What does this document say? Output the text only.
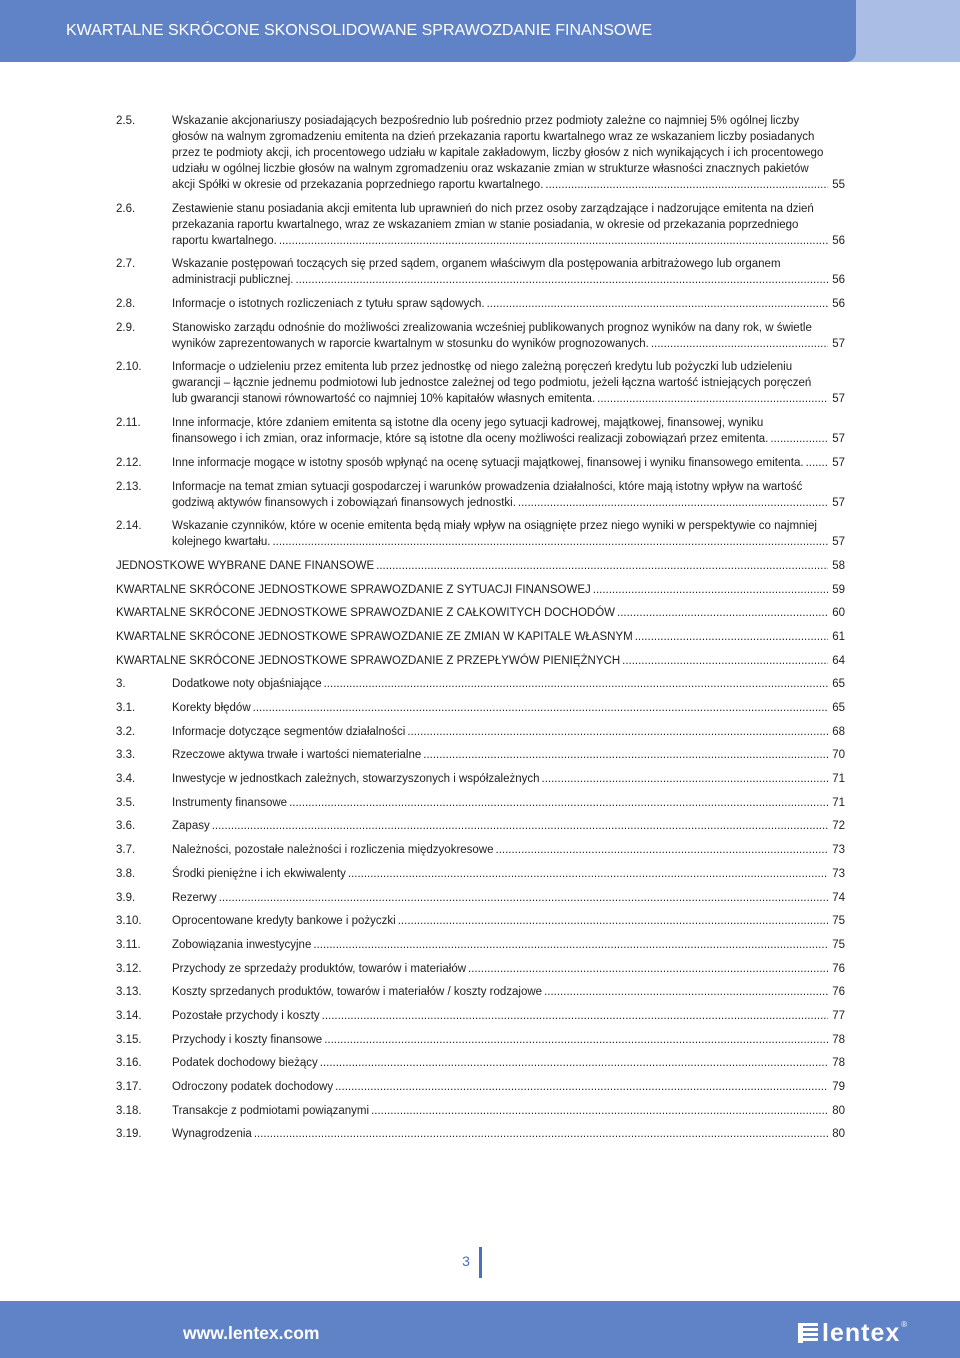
KWARTALNE SKRÓCONE SKONSOLIDOWANE SPRAWOZDANIE FINANSOWE
2.5.	Wskazanie akcjonariuszy posiadających bezpośrednio lub pośrednio przez podmioty zależne co najmniej 5% ogólnej liczby
głosów na walnym zgromadzeniu emitenta na dzień przekazania raportu kwartalnego wraz ze wskazaniem liczby posiadanych
przez te podmioty akcji, ich procentowego udziału w kapitale zakładowym, liczby głosów z nich wynikających i ich procentowego
udziału w ogólnej liczbie głosów na walnym zgromadzeniu oraz wskazanie zmian w strukturze własności znacznych pakietów
akcji Spółki w okresie od przekazania poprzedniego raportu kwartalnego. .....	55
2.6.	Zestawienie stanu posiadania akcji emitenta lub uprawnień do nich przez osoby zarządzające i nadzorujące emitenta na dzień
przekazania raportu kwartalnego, wraz ze wskazaniem zmian w stanie posiadania, w okresie od przekazania poprzedniego
raportu kwartalnego. .....	56
2.7.	Wskazanie postępowań toczących się przed sądem, organem właściwym dla postępowania arbitrażowego lub organem
administracji publicznej. .....	56
2.8.	Informacje o istotnych rozliczeniach z tytułu spraw sądowych. .....	56
2.9.	Stanowisko zarządu odnośnie do możliwości zrealizowania wcześniej publikowanych prognoz wyników na dany rok, w świetle
wyników zaprezentowanych w raporcie kwartalnym w stosunku do wyników prognozowanych. .....	57
2.10.	Informacje o udzieleniu przez emitenta lub przez jednostkę od niego zależną poręczeń kredytu lub pożyczki lub udzieleniu
gwarancji – łącznie jednemu podmiotowi lub jednostce zależnej od tego podmiotu, jeżeli łączna wartość istniejących poręczeń
lub gwarancji stanowi równowartość co najmniej 10% kapitałów własnych emitenta. .....	57
2.11.	Inne informacje, które zdaniem emitenta są istotne dla oceny jego sytuacji kadrowej, majątkowej, finansowej, wyniku
finansowego i ich zmian, oraz informacje, które są istotne dla oceny możliwości realizacji zobowiązań przez emitenta. .....	57
2.12.	Inne informacje mogące w istotny sposób wpłynąć na ocenę sytuacji majątkowej, finansowej i wyniku finansowego emitenta. .....	57
2.13.	Informacje na temat zmian sytuacji gospodarczej i warunków prowadzenia działalności, które mają istotny wpływ na wartość
godziwą aktywów finansowych i zobowiązań finansowych jednostki. .....	57
2.14.	Wskazanie czynników, które w ocenie emitenta będą miały wpływ na osiągnięte przez niego wyniki w perspektywie co najmniej
kolejnego kwartału. .....	57
JEDNOSTKOWE WYBRANE DANE FINANSOWE .....	58
KWARTALNE SKRÓCONE JEDNOSTKOWE SPRAWOZDANIE Z SYTUACJI FINANSOWEJ .....	59
KWARTALNE SKRÓCONE JEDNOSTKOWE SPRAWOZDANIE Z CAŁKOWITYCH DOCHODÓW .....	60
KWARTALNE SKRÓCONE JEDNOSTKOWE SPRAWOZDANIE ZE ZMIAN W KAPITALE WŁASNYM .....	61
KWARTALNE SKRÓCONE JEDNOSTKOWE SPRAWOZDANIE Z PRZEPŁYWÓW PIENIĘŻNYCH .....	64
3.	Dodatkowe noty objaśniające .....	65
3.1.	Korekty błędów .....	65
3.2.	Informacje dotyczące segmentów działalności .....	68
3.3.	Rzeczowe aktywa trwałe i wartości niematerialne .....	70
3.4.	Inwestycje w jednostkach zależnych, stowarzyszonych i współzależnych .....	71
3.5.	Instrumenty finansowe .....	71
3.6.	Zapasy .....	72
3.7.	Należności, pozostałe należności i rozliczenia międzyokresowe .....	73
3.8.	Środki pieniężne i ich ekwiwalenty .....	73
3.9.	Rezerwy .....	74
3.10.	Oprocentowane kredyty bankowe i pożyczki .....	75
3.11.	Zobowiązania inwestycyjne .....	75
3.12.	Przychody ze sprzedaży produktów, towarów i materiałów .....	76
3.13.	Koszty sprzedanych produktów, towarów i materiałów / koszty rodzajowe .....	76
3.14.	Pozostałe przychody i koszty .....	77
3.15.	Przychody i koszty finansowe .....	78
3.16.	Podatek dochodowy bieżący .....	78
3.17.	Odroczony podatek dochodowy .....	79
3.18.	Transakcje z podmiotami powiązanymi .....	80
3.19.	Wynagrodzenia .....	80
3
www.lentex.com	lentex ®
